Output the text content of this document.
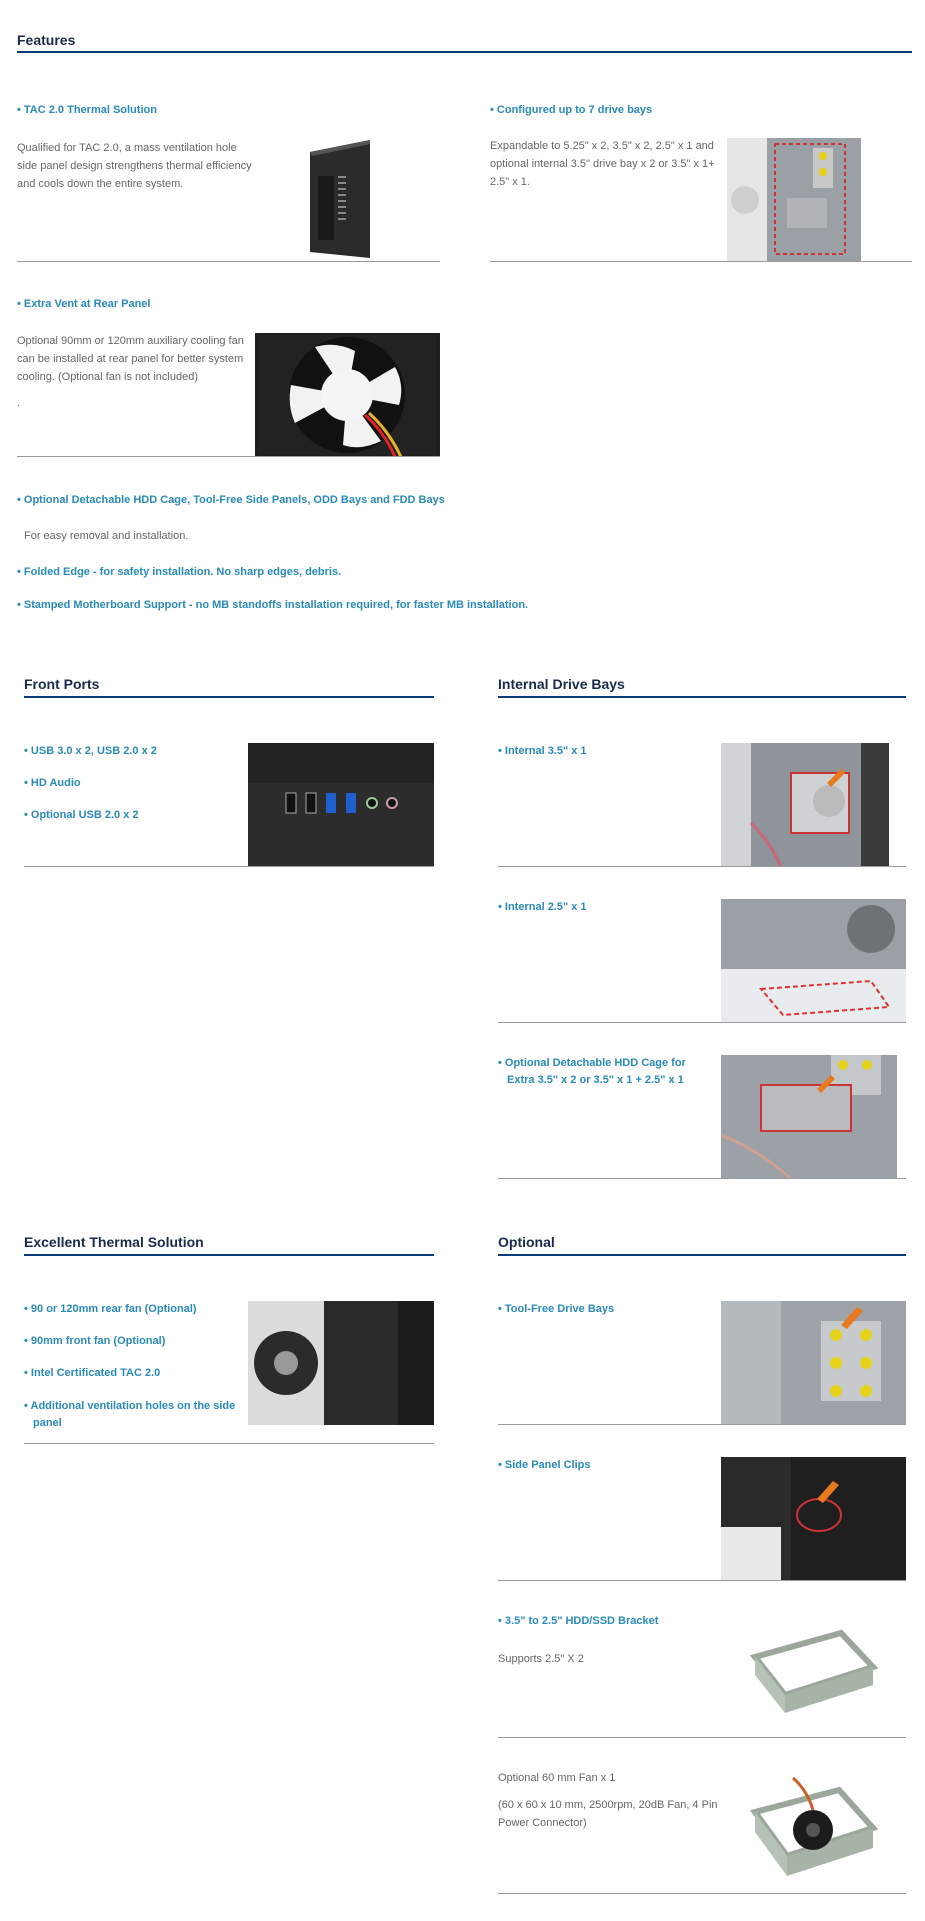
Features
• TAC 2.0 Thermal Solution
Qualified for TAC 2.0, a mass ventilation hole side panel design strengthens thermal efficiency and cools down the entire system.
• Configured up to 7 drive bays
Expandable to 5.25" x 2, 3.5" x 2, 2.5" x 1 and optional internal 3.5" drive bay x 2 or 3.5" x 1+ 2.5" x 1.
• Extra Vent at Rear Panel
Optional 90mm or 120mm auxiliary cooling fan can be installed at rear panel for better system cooling. (Optional fan is not included)
.
• Optional Detachable HDD Cage, Tool-Free Side Panels, ODD Bays and FDD Bays
For easy removal and installation.
• Folded Edge - for safety installation. No sharp edges, debris.
• Stamped Motherboard Support - no MB standoffs installation required, for faster MB installation.
Front Ports
• USB 3.0 x 2, USB 2.0 x 2
• HD Audio
• Optional USB 2.0 x 2
Internal Drive Bays
• Internal 3.5" x 1
• Internal 2.5" x 1
• Optional Detachable HDD Cage for
Extra 3.5" x 2 or 3.5" x 1 + 2.5" x 1
Excellent Thermal Solution
• 90 or 120mm rear fan (Optional)
• 90mm front fan (Optional)
• Intel Certificated TAC 2.0
• Additional ventilation holes on the side
panel
Optional
• Tool-Free Drive Bays
• Side Panel Clips
• 3.5" to 2.5" HDD/SSD Bracket
Supports 2.5" X 2
Optional 60 mm Fan x 1
(60 x 60 x 10 mm, 2500rpm, 20dB Fan, 4 Pin Power Connector)
